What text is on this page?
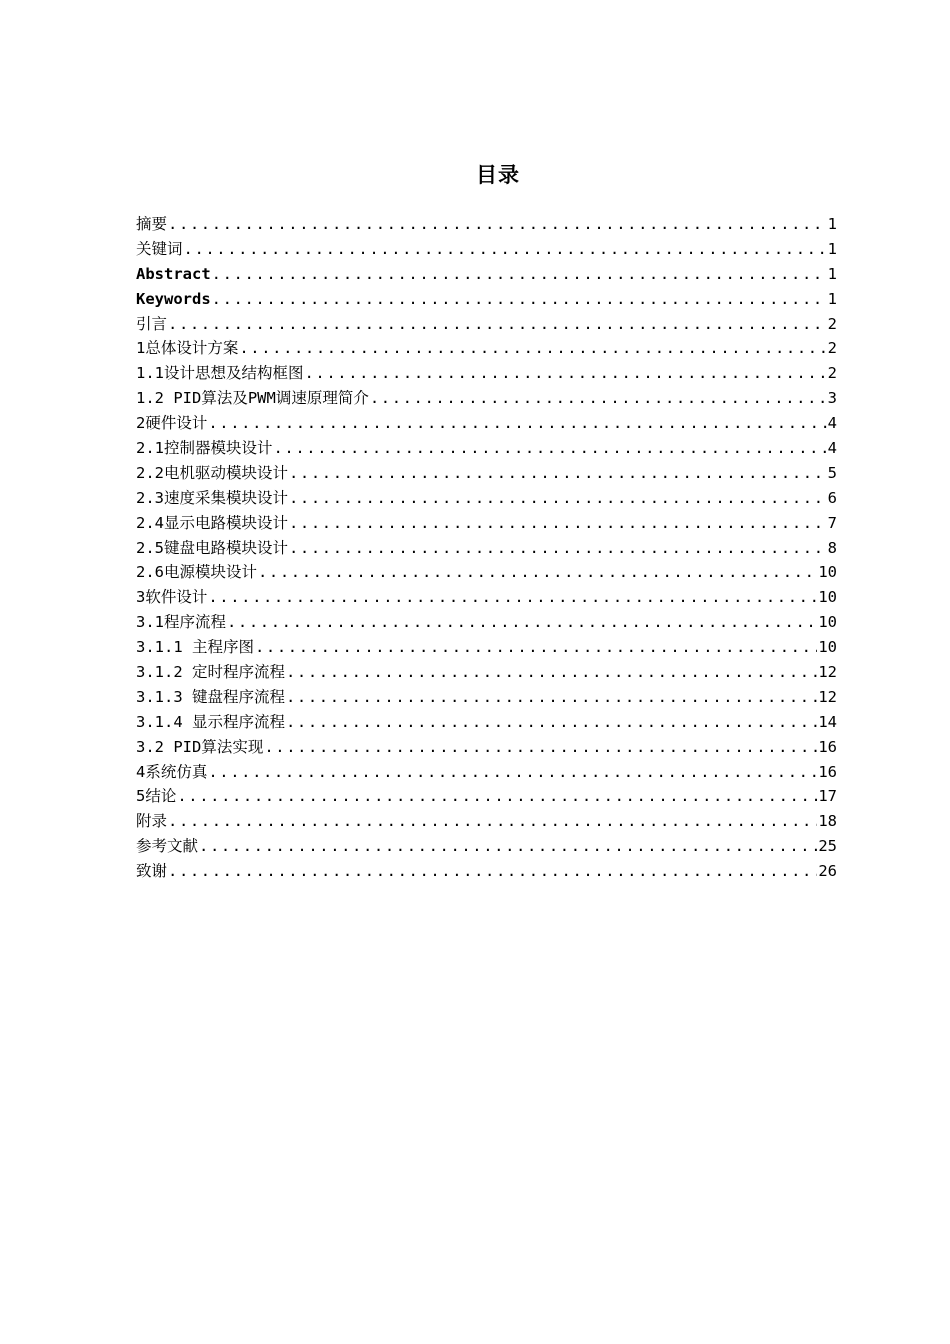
目录
摘要 .....	1
关键词 .....	1
Abstract .....	1
Keywords .....	1
引言 .....	2
1总体设计方案 .....	2
1.1设计思想及结构框图 .....	2
1.2 PID算法及PWM调速原理简介 .....	3
2硬件设计 .....	4
2.1控制器模块设计 .....	4
2.2电机驱动模块设计 .....	5
2.3速度采集模块设计 .....	6
2.4显示电路模块设计 .....	7
2.5键盘电路模块设计 .....	8
2.6电源模块设计 .....	10
3软件设计 .....	10
3.1程序流程 .....	10
3.1.1 主程序图 .....	10
3.1.2 定时程序流程 .....	12
3.1.3 键盘程序流程 .....	12
3.1.4 显示程序流程 .....	14
3.2 PID算法实现 .....	16
4系统仿真 .....	16
5结论 .....	17
附录 .....	18
参考文献 .....	25
致谢 .....	26
